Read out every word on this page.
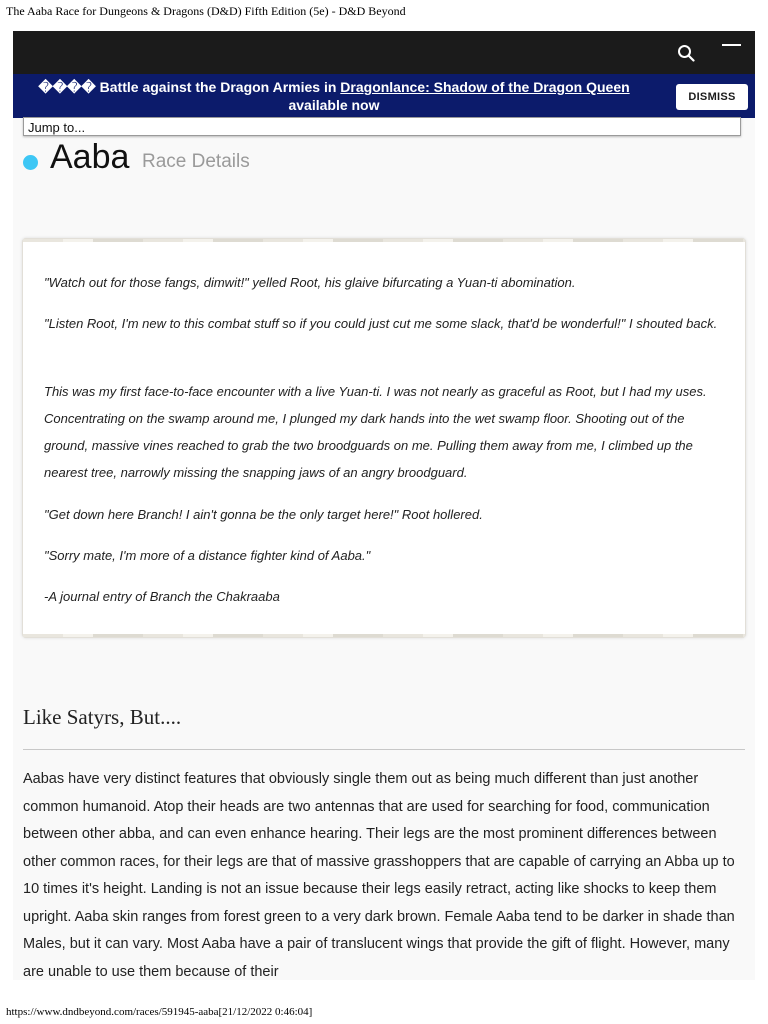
The Aaba Race for Dungeons & Dragons (D&D) Fifth Edition (5e) - D&D Beyond
���� Battle against the Dragon Armies in Dragonlance: Shadow of the Dragon Queen available now	DISMISS
Jump to...
Aaba Race Details

"Watch out for those fangs, dimwit!" yelled Root, his glaive bifurcating a Yuan-ti abomination.

"Listen Root, I'm new to this combat stuff so if you could just cut me some slack, that'd be wonderful!" I shouted back.

This was my first face-to-face encounter with a live Yuan-ti. I was not nearly as graceful as Root, but I had my uses. Concentrating on the swamp around me, I plunged my dark hands into the wet swamp floor. Shooting out of the ground, massive vines reached to grab the two broodguards on me. Pulling them away from me, I climbed up the nearest tree, narrowly missing the snapping jaws of an angry broodguard.

"Get down here Branch! I ain't gonna be the only target here!" Root hollered.

"Sorry mate, I'm more of a distance fighter kind of Aaba."

-A journal entry of Branch the Chakraaba

Like Satyrs, But....

Aabas have very distinct features that obviously single them out as being much different than just another common humanoid. Atop their heads are two antennas that are used for searching for food, communication between other abba, and can even enhance hearing. Their legs are the most prominent differences between other common races, for their legs are that of massive grasshoppers that are capable of carrying an Abba up to 10 times it's height. Landing is not an issue because their legs easily retract, acting like shocks to keep them upright. Aaba skin ranges from forest green to a very dark brown. Female Aaba tend to be darker in shade than Males, but it can vary. Most Aaba have a pair of translucent wings that provide the gift of flight. However, many are unable to use them because of their

https://www.dndbeyond.com/races/591945-aaba[21/12/2022 0:46:04]
